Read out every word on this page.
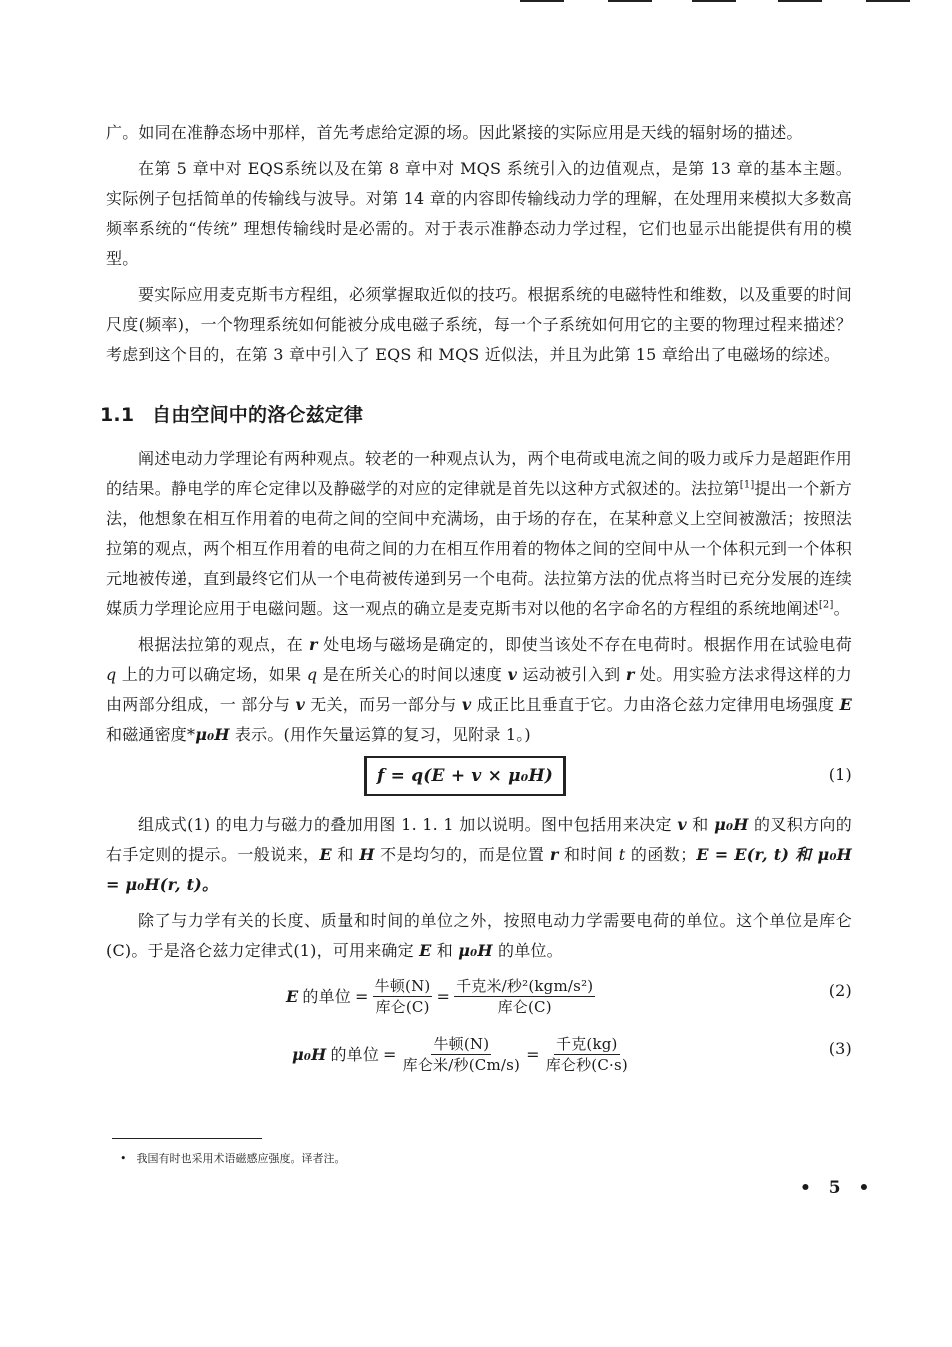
广。如同在准静态场中那样，首先考虑给定源的场。因此紧接的实际应用是天线的辐射场的描述。

在第 5 章中对 EQS系统以及在第 8 章中对 MQS 系统引入的边值观点，是第 13 章的基本主题。实际例子包括简单的传输线与波导。对第 14 章的内容即传输线动力学的理解，在处理用来模拟大多数高频率系统的“传统” 理想传输线时是必需的。对于表示准静态动力学过程，它们也显示出能提供有用的模型。

要实际应用麦克斯韦方程组，必须掌握取近似的技巧。根据系统的电磁特性和维数，以及重要的时间尺度(频率)，一个物理系统如何能被分成电磁子系统，每一个子系统如何用它的主要的物理过程来描述？考虑到这个目的，在第 3 章中引入了 EQS 和 MQS 近似法，并且为此第 15 章给出了电磁场的综述。

1.1 自由空间中的洛仑兹定律

阐述电动力学理论有两种观点。较老的一种观点认为，两个电荷或电流之间的吸力或斥力是超距作用的结果。静电学的库仑定律以及静磁学的对应的定律就是首先以这种方式叙述的。法拉第[1]提出一个新方法，他想象在相互作用着的电荷之间的空间中充满场，由于场的存在，在某种意义上空间被激活；按照法拉第的观点，两个相互作用着的电荷之间的力在相互作用着的物体之间的空间中从一个体积元到一个体积元地被传递，直到最终它们从一个电荷被传递到另一个电荷。法拉第方法的优点将当时已充分发展的连续媒质力学理论应用于电磁问题。这一观点的确立是麦克斯韦对以他的名字命名的方程组的系统地阐述[2]。

根据法拉第的观点，在 r 处电场与磁场是确定的，即使当该处不存在电荷时。根据作用在试验电荷 q 上的力可以确定场，如果 q 是在所关心的时间以速度 v 运动被引入到 r 处。用实验方法求得这样的力由两部分组成，一 部分与 v 无关，而另一部分与 v 成正比且垂直于它。力由洛仑兹力定律用电场强度 E 和磁通密度*μ₀H 表示。(用作矢量运算的复习，见附录 1。)

f = q(E + v × μ₀H)	(1)

组成式(1) 的电力与磁力的叠加用图 1. 1. 1 加以说明。图中包括用来决定 v 和 μ₀H 的叉积方向的右手定则的提示。一般说来，E 和 H 不是均匀的，而是位置 r 和时间 t 的函数；E = E(r, t) 和 μ₀H = μ₀H(r, t)。

除了与力学有关的长度、质量和时间的单位之外，按照电动力学需要电荷的单位。这个单位是库仑(C)。于是洛仑兹力定律式(1)，可用来确定 E 和 μ₀H 的单位。

E 的单位 = $\frac{\text{牛顿(N)}}{\text{库仑(C)}} = \frac{\text{千克米/秒²(kgm/s²)}}{\text{库仑(C)}}$	(2)
μ₀H 的单位 = $\frac{\text{牛顿(N)}}{\text{库仑米/秒(Cm/s)}} = \frac{\text{千克(kg)}}{\text{库仑秒(C·s)}}$	(3)
• 我国有时也采用术语磁感应强度。译者注。
• 5 •
